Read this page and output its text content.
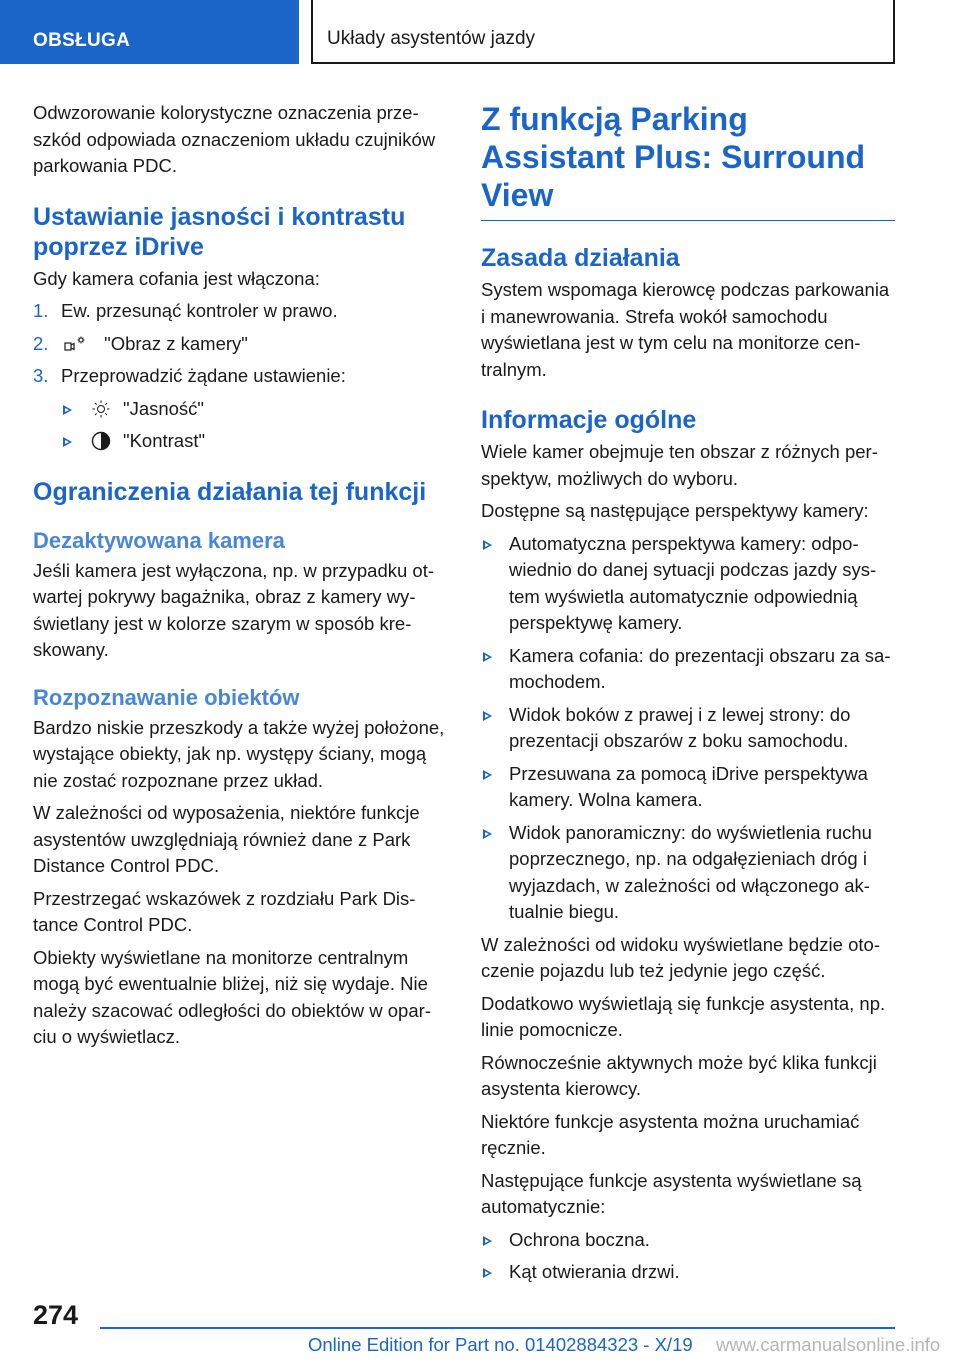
OBSŁUGA	Układy asystentów jazdy

Odwzorowanie kolorystyczne oznaczenia przeszkód odpowiada oznaczeniom układu czujników parkowania PDC.

Ustawianie jasności i kontrastu poprzez iDrive

Gdy kamera cofania jest włączona:

1. Ew. przesunąć kontroler w prawo.
2.	"Obraz z kamery"
3. Przeprowadzić żądane ustawienie:
"Jasność"
"Kontrast"
Ograniczenia działania tej funkcji
Dezaktywowana kamera

Jeśli kamera jest wyłączona, np. w przypadku otwartej pokrywy bagażnika, obraz z kamery wyświetlany jest w kolorze szarym w sposób kreskowany.

Rozpoznawanie obiektów

Bardzo niskie przeszkody a także wyżej położone, wystające obiekty, jak np. występy ściany, mogą nie zostać rozpoznane przez układ.

W zależności od wyposażenia, niektóre funkcje asystentów uwzględniają również dane z Park Distance Control PDC.

Przestrzegać wskazówek z rozdziału Park Distance Control PDC.

Obiekty wyświetlane na monitorze centralnym mogą być ewentualnie bliżej, niż się wydaje. Nie należy szacować odległości do obiektów w oparciu o wyświetlacz.

Z funkcją Parking Assistant Plus: Surround View
Zasada działania

System wspomaga kierowcę podczas parkowania i manewrowania. Strefa wokół samochodu wyświetlana jest w tym celu na monitorze centralnym.

Informacje ogólne

Wiele kamer obejmuje ten obszar z różnych perspektyw, możliwych do wyboru.

Dostępne są następujące perspektywy kamery:

Automatyczna perspektywa kamery: odpowiednio do danej sytuacji podczas jazdy system wyświetla automatycznie odpowiednią perspektywę kamery.
Kamera cofania: do prezentacji obszaru za samochodem.
Widok boków z prawej i z lewej strony: do prezentacji obszarów z boku samochodu.
Przesuwana za pomocą iDrive perspektywa kamery. Wolna kamera.
Widok panoramiczny: do wyświetlenia ruchu poprzecznego, np. na odgałęzieniach dróg i wyjazdach, w zależności od włączonego aktualnie biegu.

W zależności od widoku wyświetlane będzie otoczenie pojazdu lub też jedynie jego część.

Dodatkowo wyświetlają się funkcje asystenta, np. linie pomocnicze.

Równocześnie aktywnych może być klika funkcji asystenta kierowcy.

Niektóre funkcje asystenta można uruchamiać ręcznie.

Następujące funkcje asystenta wyświetlane są automatycznie:

Ochrona boczna.
Kąt otwierania drzwi.
274
Online Edition for Part no. 01402884323 - X/19 www.carmanualsonline.info
